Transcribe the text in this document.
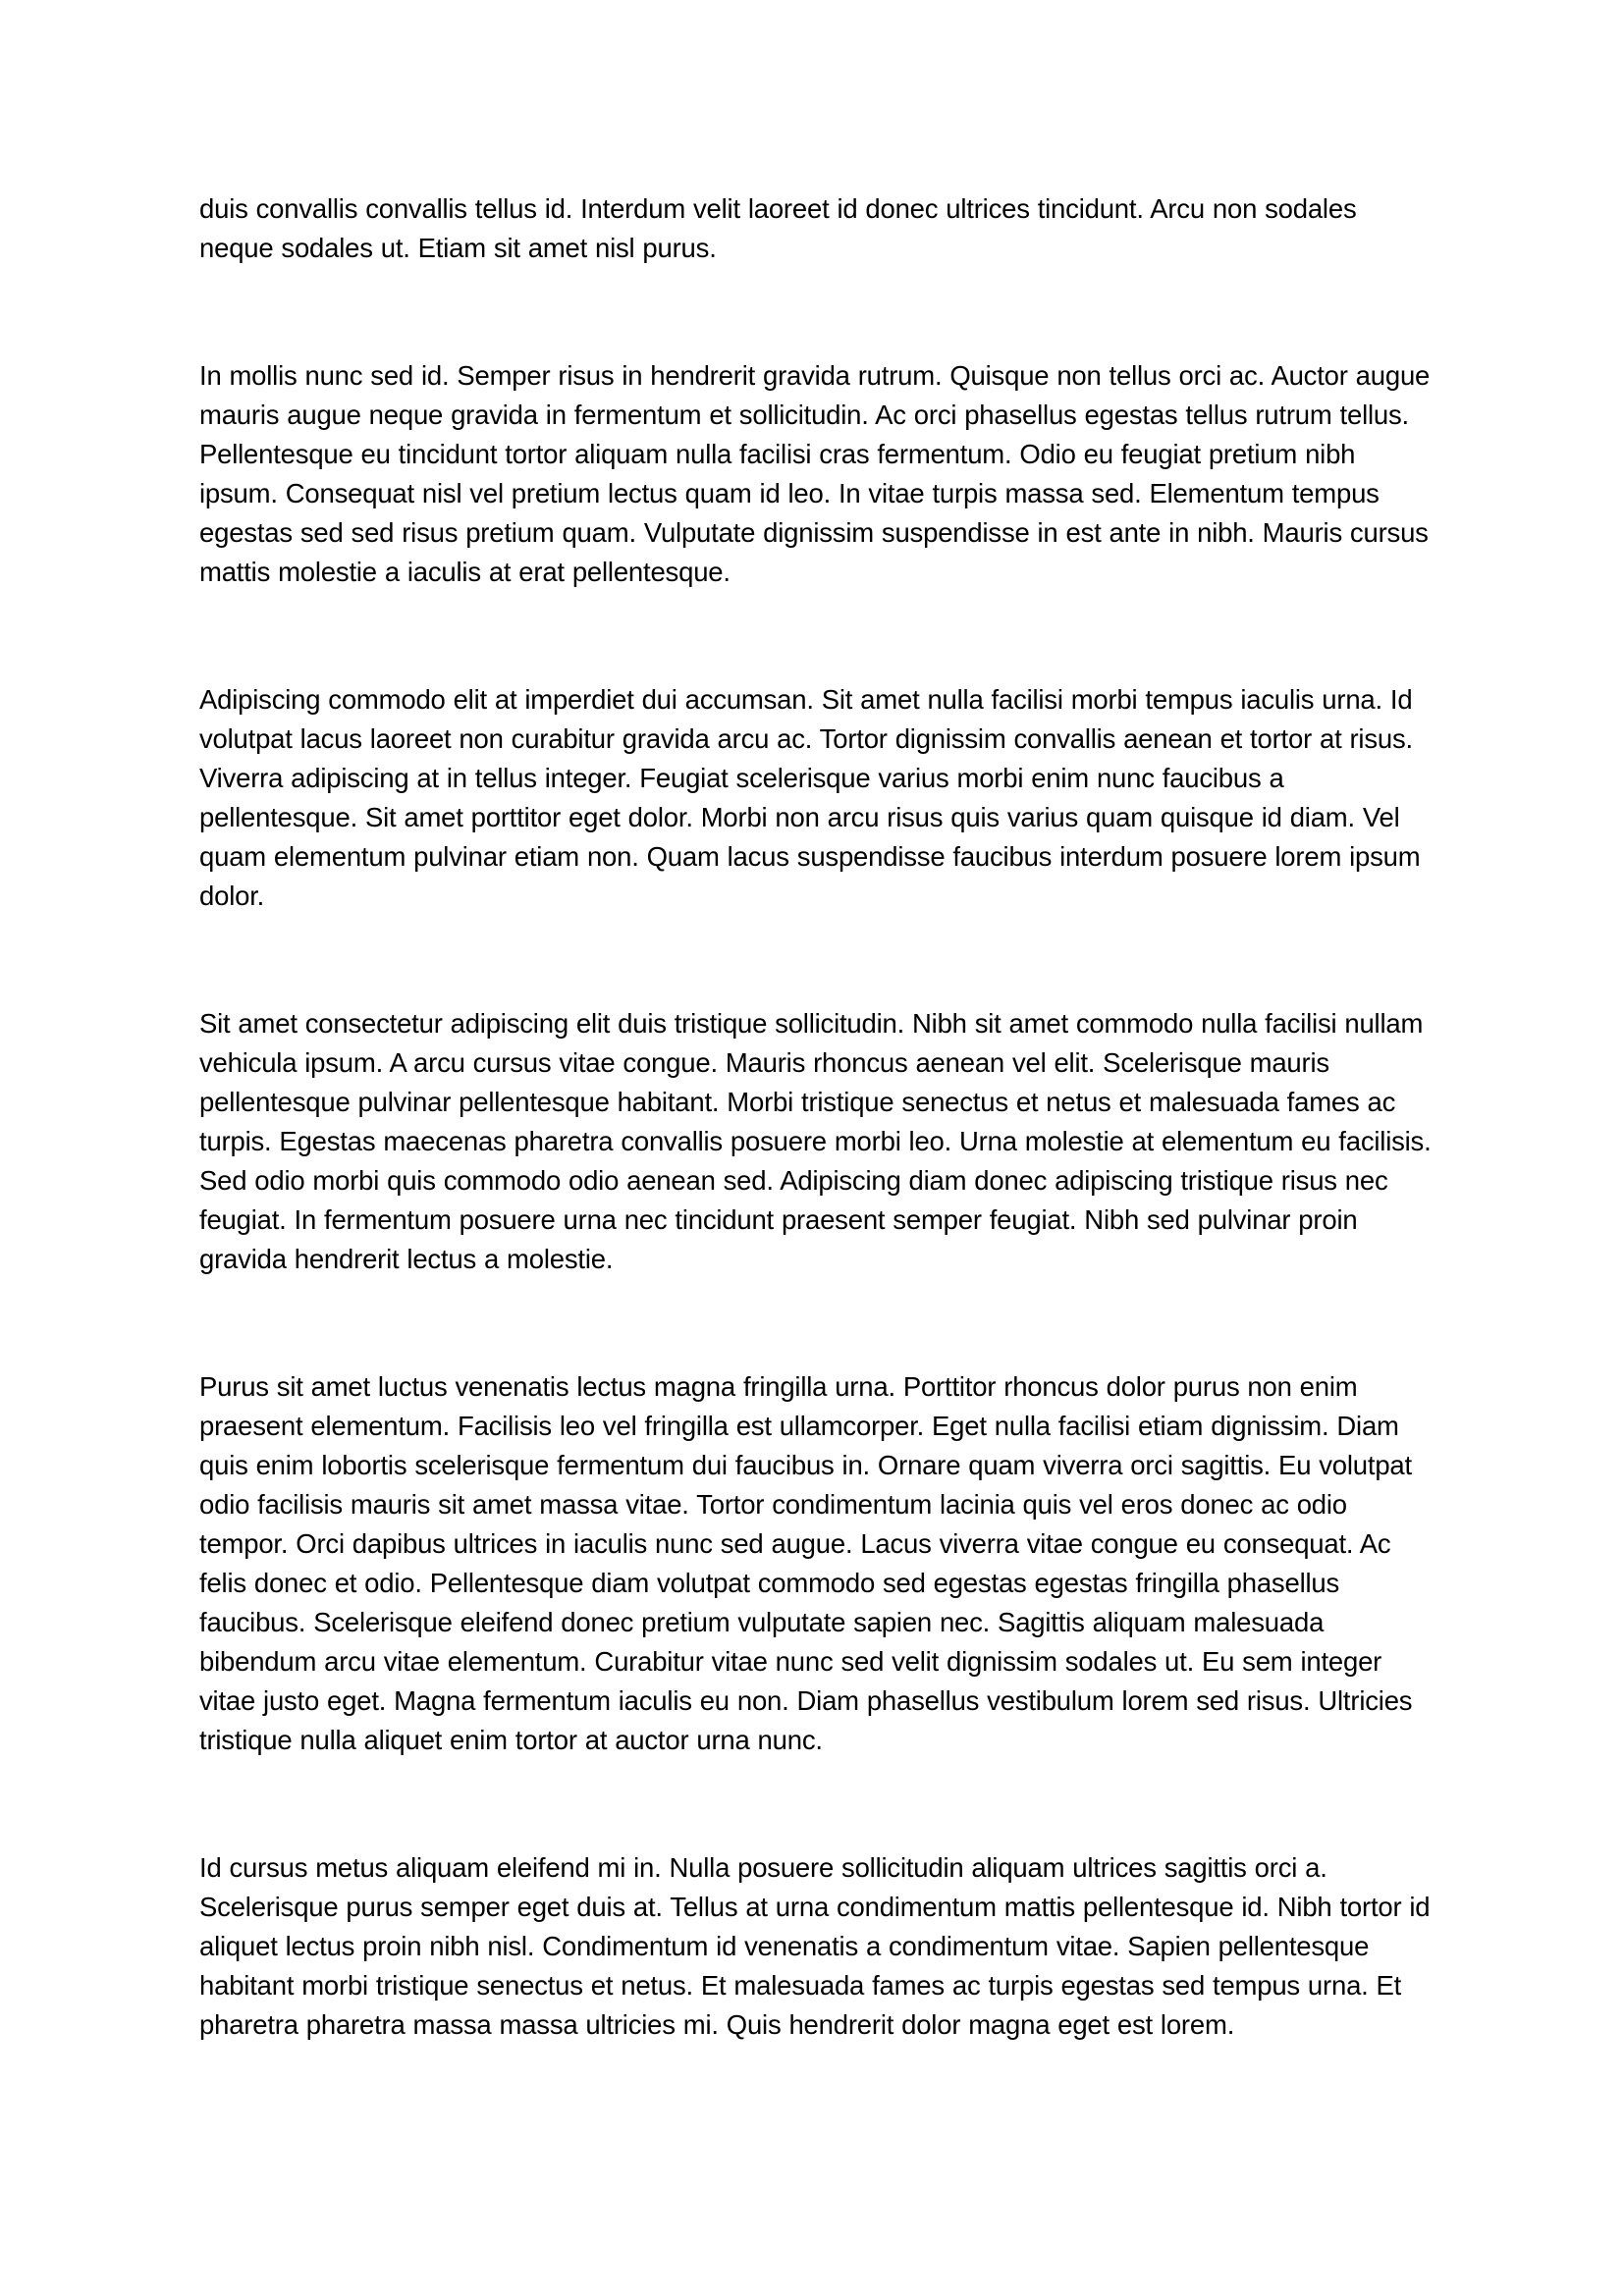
duis convallis convallis tellus id. Interdum velit laoreet id donec ultrices tincidunt. Arcu non sodales neque sodales ut. Etiam sit amet nisl purus.

In mollis nunc sed id. Semper risus in hendrerit gravida rutrum. Quisque non tellus orci ac. Auctor augue mauris augue neque gravida in fermentum et sollicitudin. Ac orci phasellus egestas tellus rutrum tellus. Pellentesque eu tincidunt tortor aliquam nulla facilisi cras fermentum. Odio eu feugiat pretium nibh ipsum. Consequat nisl vel pretium lectus quam id leo. In vitae turpis massa sed. Elementum tempus egestas sed sed risus pretium quam. Vulputate dignissim suspendisse in est ante in nibh. Mauris cursus mattis molestie a iaculis at erat pellentesque.

Adipiscing commodo elit at imperdiet dui accumsan. Sit amet nulla facilisi morbi tempus iaculis urna. Id volutpat lacus laoreet non curabitur gravida arcu ac. Tortor dignissim convallis aenean et tortor at risus. Viverra adipiscing at in tellus integer. Feugiat scelerisque varius morbi enim nunc faucibus a pellentesque. Sit amet porttitor eget dolor. Morbi non arcu risus quis varius quam quisque id diam. Vel quam elementum pulvinar etiam non. Quam lacus suspendisse faucibus interdum posuere lorem ipsum dolor.

Sit amet consectetur adipiscing elit duis tristique sollicitudin. Nibh sit amet commodo nulla facilisi nullam vehicula ipsum. A arcu cursus vitae congue. Mauris rhoncus aenean vel elit. Scelerisque mauris pellentesque pulvinar pellentesque habitant. Morbi tristique senectus et netus et malesuada fames ac turpis. Egestas maecenas pharetra convallis posuere morbi leo. Urna molestie at elementum eu facilisis. Sed odio morbi quis commodo odio aenean sed. Adipiscing diam donec adipiscing tristique risus nec feugiat. In fermentum posuere urna nec tincidunt praesent semper feugiat. Nibh sed pulvinar proin gravida hendrerit lectus a molestie.

Purus sit amet luctus venenatis lectus magna fringilla urna. Porttitor rhoncus dolor purus non enim praesent elementum. Facilisis leo vel fringilla est ullamcorper. Eget nulla facilisi etiam dignissim. Diam quis enim lobortis scelerisque fermentum dui faucibus in. Ornare quam viverra orci sagittis. Eu volutpat odio facilisis mauris sit amet massa vitae. Tortor condimentum lacinia quis vel eros donec ac odio tempor. Orci dapibus ultrices in iaculis nunc sed augue. Lacus viverra vitae congue eu consequat. Ac felis donec et odio. Pellentesque diam volutpat commodo sed egestas egestas fringilla phasellus faucibus. Scelerisque eleifend donec pretium vulputate sapien nec. Sagittis aliquam malesuada bibendum arcu vitae elementum. Curabitur vitae nunc sed velit dignissim sodales ut. Eu sem integer vitae justo eget. Magna fermentum iaculis eu non. Diam phasellus vestibulum lorem sed risus. Ultricies tristique nulla aliquet enim tortor at auctor urna nunc.

Id cursus metus aliquam eleifend mi in. Nulla posuere sollicitudin aliquam ultrices sagittis orci a. Scelerisque purus semper eget duis at. Tellus at urna condimentum mattis pellentesque id. Nibh tortor id aliquet lectus proin nibh nisl. Condimentum id venenatis a condimentum vitae. Sapien pellentesque habitant morbi tristique senectus et netus. Et malesuada fames ac turpis egestas sed tempus urna. Et pharetra pharetra massa massa ultricies mi. Quis hendrerit dolor magna eget est lorem.
